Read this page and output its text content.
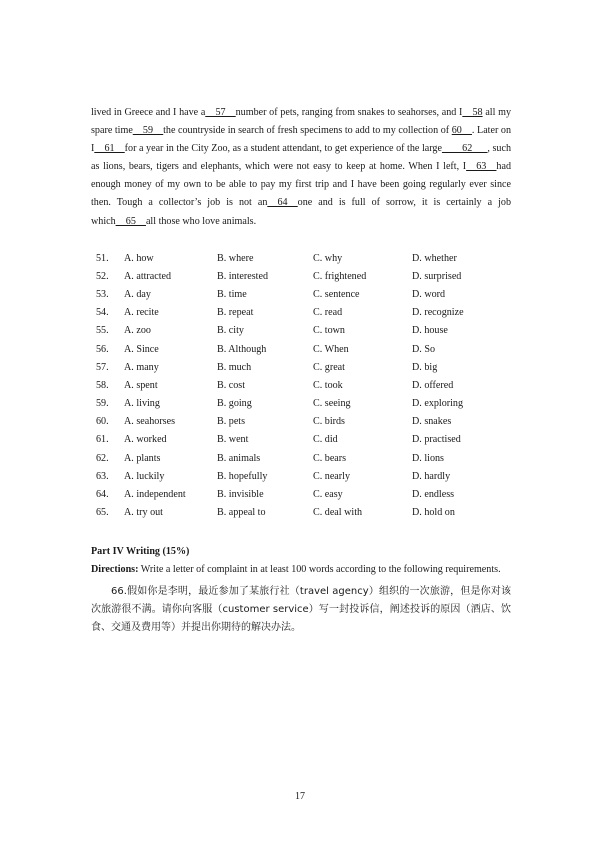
lived in Greece and I have a__57__number of pets, ranging from snakes to seahorses, and I__58 all my spare time__59__the countryside in search of fresh specimens to add to my collection of 60__. Later on I__61__for a year in the City Zoo, as a student attendant, to get experience of the large____62___, such as lions, bears, tigers and elephants, which were not easy to keep at home. When I left, I__63__had enough money of my own to be able to pay my first trip and I have been going regularly ever since then. Tough a collector’s job is not an__64__one and is full of sorrow, it is certainly a job which__65__all those who love animals.

51.	A. how	B. where	C. why	D. whether
52.	A. attracted	B. interested	C. frightened	D. surprised
53.	A. day	B. time	C. sentence	D. word
54.	A. recite	B. repeat	C. read	D. recognize
55.	A. zoo	B. city	C. town	D. house
56.	A. Since	B. Although	C. When	D. So
57.	A. many	B. much	C. great	D. big
58.	A. spent	B. cost	C. took	D. offered
59.	A. living	B. going	C. seeing	D. exploring
60.	A. seahorses	B. pets	C. birds	D. snakes
61.	A. worked	B. went	C. did	D. practised
62.	A. plants	B. animals	C. bears	D. lions
63.	A. luckily	B. hopefully	C. nearly	D. hardly
64.	A. independent	B. invisible	C. easy	D. endless
65.	A. try out	B. appeal to	C. deal with	D. hold on

Part IV Writing (15%)

Directions: Write a letter of complaint in at least 100 words according to the following requirements.

66.假如你是李明，最近参加了某旅行社（travel agency）组织的一次旅游，但是你对该次旅游很不满。请你向客服（customer service）写一封投诉信，阐述投诉的原因（酒店、饮食、交通及费用等）并提出你期待的解决办法。

17
